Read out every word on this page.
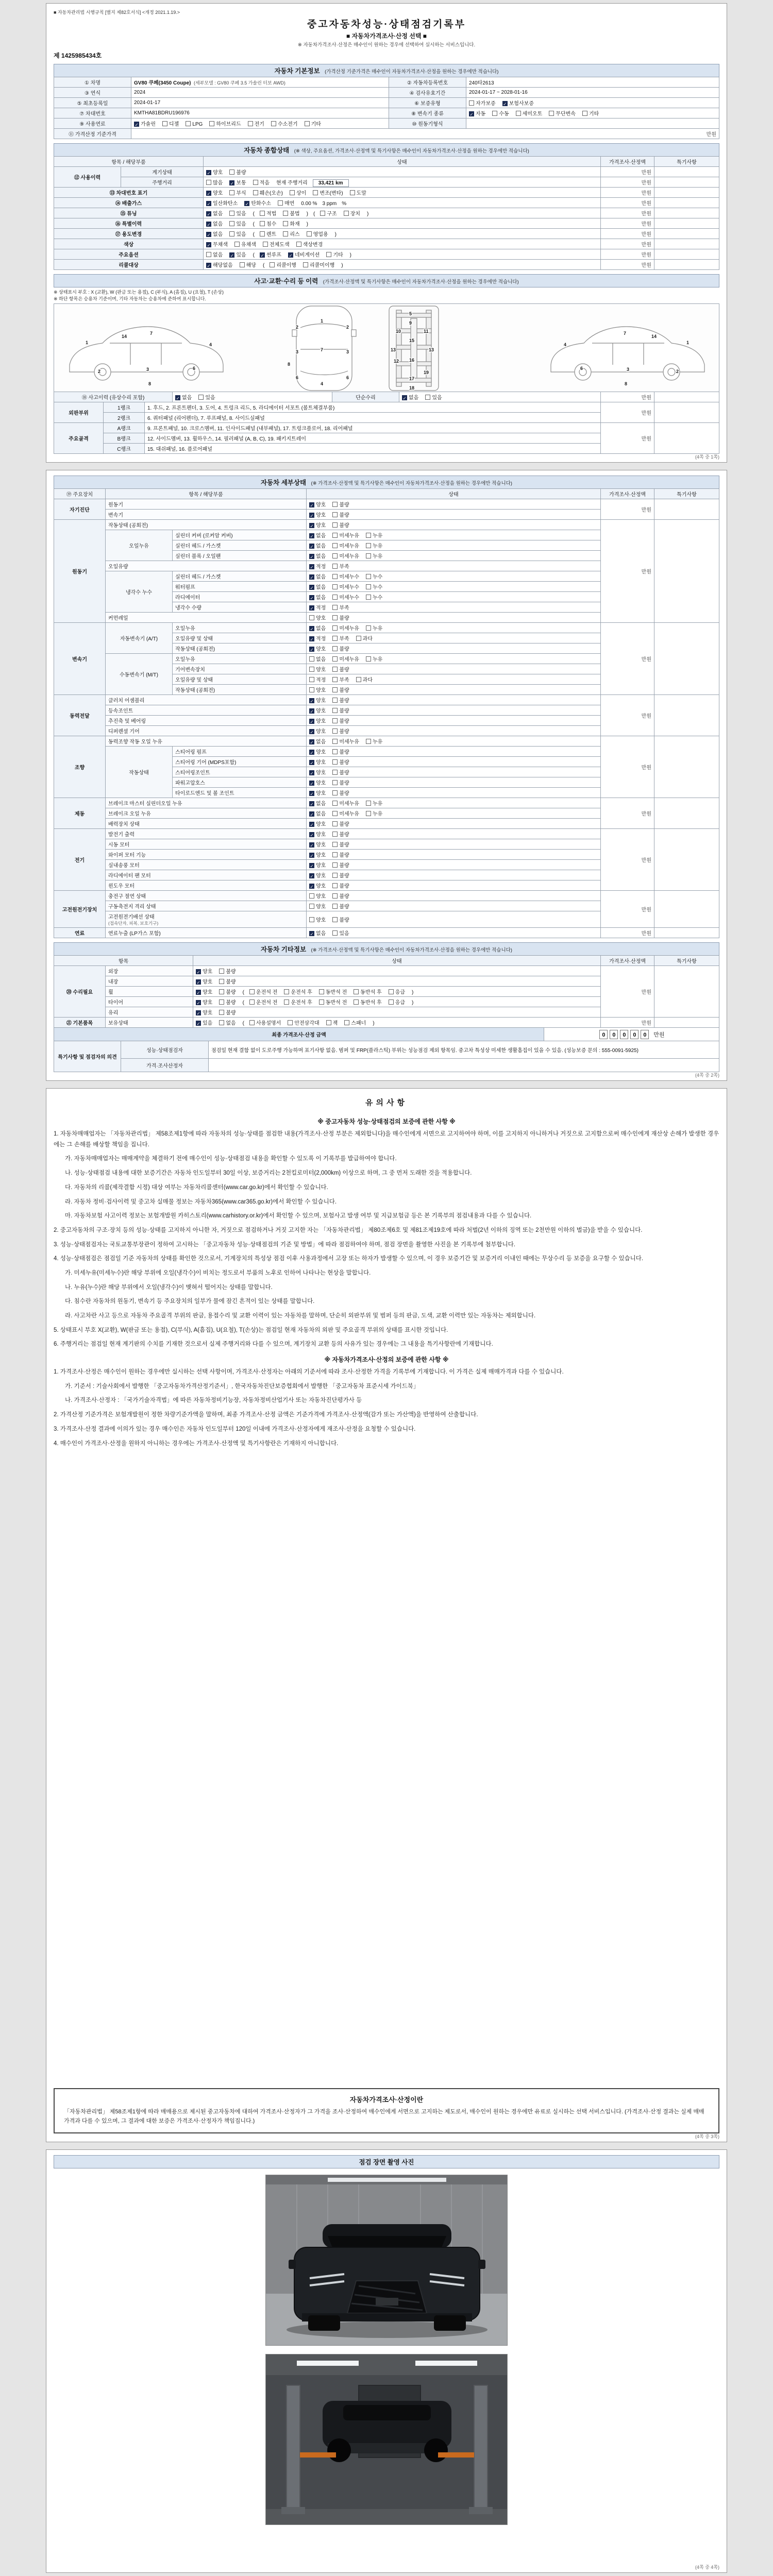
■ 자동차관리법 시행규칙 [별지 제82호서식] <개정 2021.1.19.>
중고자동차성능·상태점검기록부
■ 자동차가격조사·산정 선택 ■
※ 자동차가격조사·산정은 매수인이 원하는 경우에 선택하여 실시하는 서비스입니다.
제 1425985434호
자동차 기본정보 (가격산정 기준가격은 매수인이 자동차가격조사·산정을 원하는 경우에만 적습니다)
① 차명	GV80 쿠페(3450 Coupe) (세부모델 : GV80 쿠페 3.5 가솔린 터보 AWD)	② 자동차등록번호	240타2613
③ 연식	2024	④ 검사유효기간	2024-01-17 ~ 2028-01-16
⑤ 최초등록일	2024-01-17	⑥ 보증유형	자가보증 ✓ 보험사보증
⑦ 차대번호	KMTHA81BDRU196976	⑧ 변속기 종류	✓ 자동 수동 세미오토 무단변속 기타
⑨ 사용연료	✓ 가솔린 디젤 LPG 하이브리드 전기 수소전기 기타	⑩ 원동기형식	
⑪ 가격산정 기준가격	만원		
자동차 종합상태 (※ 색상, 주요옵션, 가격조사·산정액 및 특기사항은 매수인이 자동차가격조사·산정을 원하는 경우에만 적습니다)
항목 / 해당부품		상태	가격조사·산정액	특기사항
⑫ 사용이력	계기상태	✓ 양호 불량	만원	
	주행거리	많음 ✓ 보통 적음 현재 주행거리 33,421 km	만원	
⑬ 차대번호 표기		✓ 양호 부식 훼손(오손) 상이 변조(변타) 도말	만원	
⑭ 배출가스		✓ 일산화탄소 ✓ 탄화수소 매연 0.00 % 3 ppm %	만원	
⑮ 튜닝		✓ 없음 있음 ( 적법 불법 ) ( 구조 장치 )	만원	
⑯ 특별이력		✓ 없음 있음 ( 침수 화재 )	만원	
⑰ 용도변경		✓ 없음 있음 ( 렌트 리스 영업용 )	만원	
색상		✓ 무채색 유채색 전체도색 색상변경	만원	
주요옵션		없음 ✓ 있음 ( ✓ 썬루프 ✓ 네비게이션 기타 )	만원	
리콜대상		✓ 해당없음 해당 ( 리콜이행 리콜미이행 )	만원	
사고·교환·수리 등 이력 (가격조사·산정액 및 특기사항은 매수인이 자동차가격조사·산정을 원하는 경우에만 적습니다)
※ 상태표시 부호 : X (교환), W (판금 또는 용접), C (부식), A (흠집), U (요철), T (손상)
※ 하단 항목은 승용차 기준이며, 기타 자동차는 승용차에 준하여 표시합니다.
1
14
7
4
2	3	6
8
1
2	2
7
3	3
6	6
4
8
5
9
10	11
15
13	13
12 16
19
17
18
1
14
7
4
2
3
6
8
⑱ 사고이력 (유상수리 포함)	✓ 없음	있음	단순수리	✓ 없음	있음	만원	
외판부위	1랭크	1. 후드, 2. 프론트펜더, 3. 도어, 4. 트렁크 리드, 5. 라디에이터 서포트 (볼트체결부품)	만원	
	2랭크	6. 쿼터패널 (리어펜더), 7. 루프패널, 8. 사이드실패널		
주요골격	A랭크	9. 프론트패널, 10. 크로스멤버, 11. 인사이드패널 (내부패널), 17. 트렁크플로어, 18. 리어패널	만원	
	B랭크	12. 사이드멤버, 13. 휠하우스, 14. 필러패널 (A, B, C), 19. 패키지트레이		
	C랭크	15. 대쉬패널, 16. 플로어패널		
(4쪽 중 1쪽)
자동차 세부상태 (※ 가격조사·산정액 및 특기사항은 매수인이 자동차가격조사·산정을 원하는 경우에만 적습니다)
⑲ 주요장치	항목 / 해당부품		상태	가격조사·산정액	특기사항
자기진단	원동기		✓ 양호 불량	만원	
	변속기		✓ 양호 불량		
원동기	작동상태 (공회전)		✓ 양호 불량	만원	
	오일누유	실린더 커버 (로커암 커버)	✓ 없음 미세누유 누유		
		실린더 헤드 / 가스켓	✓ 없음 미세누유 누유		
		실린더 블록 / 오일팬	✓ 없음 미세누유 누유		
	오일유량		✓ 적정 부족		
	냉각수 누수	실린더 헤드 / 가스켓	✓ 없음 미세누수 누수		
		워터펌프	✓ 없음 미세누수 누수		
		라디에이터	✓ 없음 미세누수 누수		
		냉각수 수량	✓ 적정 부족		
	커먼레일		양호 불량		
변속기	자동변속기 (A/T)	오일누유	✓ 없음 미세누유 누유	만원	
		오일유량 및 상태	✓ 적정 부족 과다		
		작동상태 (공회전)	✓ 양호 불량		
	수동변속기 (M/T)	오일누유	없음 미세누유 누유		
		기어변속장치	양호 불량		
		오일유량 및 상태	적정 부족 과다		
		작동상태 (공회전)	양호 불량		
동력전달	클러치 어셈블리		✓ 양호 불량	만원	
	등속조인트		✓ 양호 불량		
	추진축 및 베어링		✓ 양호 불량		
	디퍼렌셜 기어		✓ 양호 불량		
조향	동력조향 작동 오일 누유		✓ 없음 미세누유 누유	만원	
	작동상태	스티어링 펌프	✓ 양호 불량		
		스티어링 기어 (MDPS포함)	✓ 양호 불량		
		스티어링조인트	✓ 양호 불량		
		파워고압호스	✓ 양호 불량		
		타이로드엔드 및 볼 조인트	✓ 양호 불량		
제동	브레이크 마스터 실린더오일 누유		✓ 없음 미세누유 누유	만원	
	브레이크 오일 누유		✓ 없음 미세누유 누유		
	배력장치 상태		✓ 양호 불량		
전기	발전기 출력		✓ 양호 불량	만원	
	시동 모터		✓ 양호 불량		
	와이퍼 모터 기능		✓ 양호 불량		
	실내송풍 모터		✓ 양호 불량		
	라디에이터 팬 모터		✓ 양호 불량		
	윈도우 모터		✓ 양호 불량		
고전원전기장치	충전구 절연 상태		양호 불량	만원	
	구동축전지 격리 상태		양호 불량		
	고전원전기배선 상태
(접속단자, 피복, 보호기구)		양호 불량		
연료	연료누출 (LP가스 포함)		✓ 없음 있음	만원	
자동차 기타정보 (※ 가격조사·산정액 및 특기사항은 매수인이 자동차가격조사·산정을 원하는 경우에만 적습니다)
항목		상태	가격조사·산정액	특기사항
⑳ 수리필요	외장	✓ 양호 불량	만원	
	내장	✓ 양호 불량		
	휠	✓ 양호 불량 ( 운전석 전 운전석 후 동반석 전 동반석 후 응급 )		
	타이어	✓ 양호 불량 ( 운전석 전 운전석 후 동반석 전 동반석 후 응급 )		
	유리	✓ 양호 불량		
㉑ 기본품목	보유상태	✓ 있음 없음 ( 사용설명서 안전삼각대 잭 스패너 )	만원	
최종 가격조사·산정 금액	0 0 0 0 0 만원
특기사항 및 점검자의 의견	성능·상태점검자	점검일 현재 결함 없이 도로주행 가능하며 표기사항 없음. 범퍼 및 FRP(플라스틱) 부위는 성능점검 제외 항목임. 중고차 특성상 미세한 생활흠집이 있을 수 있음. (성능보증 문의 : 555-0091-5925)
	가격·조사산정자	
(4쪽 중 2쪽)
유의사항
※ 중고자동차 성능·상태점검의 보증에 관한 사항 ※
1. 자동차매매업자는 「자동차관리법」 제58조제1항에 따라 자동차의 성능·상태를 점검한 내용(가격조사·산정 부분은 제외합니다)을 매수인에게 서면으로 고지하여야 하며, 이를 고지하지 아니하거나 거짓으로 고지함으로써 매수인에게 재산상 손해가 발생한 경우에는 그 손해를 배상할 책임을 집니다.
가. 자동차매매업자는 매매계약을 체결하기 전에 매수인이 성능·상태점검 내용을 확인할 수 있도록 이 기록부를 발급하여야 합니다.
나. 성능·상태점검 내용에 대한 보증기간은 자동차 인도일부터 30일 이상, 보증거리는 2천킬로미터(2,000km) 이상으로 하며, 그 중 먼저 도래한 것을 적용합니다.
다. 자동차의 리콜(제작결함 시정) 대상 여부는 자동차리콜센터(www.car.go.kr)에서 확인할 수 있습니다.
라. 자동차 정비·검사이력 및 중고차 실매물 정보는 자동차365(www.car365.go.kr)에서 확인할 수 있습니다.
마. 자동차보험 사고이력 정보는 보험개발원 카히스토리(www.carhistory.or.kr)에서 확인할 수 있으며, 보험사고 발생 여부 및 지급보험금 등은 본 기록부의 점검내용과 다를 수 있습니다.
2. 중고자동차의 구조·장치 등의 성능·상태를 고지하지 아니한 자, 거짓으로 점검하거나 거짓 고지한 자는 「자동차관리법」 제80조제6호 및 제81조제19호에 따라 처벌(2년 이하의 징역 또는 2천만원 이하의 벌금)을 받을 수 있습니다.
3. 성능·상태점검자는 국토교통부장관이 정하여 고시하는 「중고자동차 성능·상태점검의 기준 및 방법」에 따라 점검하여야 하며, 점검 장면을 촬영한 사진을 본 기록부에 첨부합니다.
4. 성능·상태점검은 점검일 기준 자동차의 상태를 확인한 것으로서, 기계장치의 특성상 점검 이후 사용과정에서 고장 또는 하자가 발생할 수 있으며, 이 경우 보증기간 및 보증거리 이내인 때에는 무상수리 등 보증을 요구할 수 있습니다.
가. 미세누유(미세누수)란 해당 부위에 오일(냉각수)이 비치는 정도로서 부품의 노후로 인하여 나타나는 현상을 말합니다.
나. 누유(누수)란 해당 부위에서 오일(냉각수)이 맺혀서 떨어지는 상태를 말합니다.
다. 침수란 자동차의 원동기, 변속기 등 주요장치의 일부가 물에 잠긴 흔적이 있는 상태를 말합니다.
라. 사고차란 사고 등으로 자동차 주요골격 부위의 판금, 용접수리 및 교환 이력이 있는 자동차를 말하며, 단순히 외판부위 및 범퍼 등의 판금, 도색, 교환 이력만 있는 자동차는 제외합니다.
5. 상태표시 부호 X(교환), W(판금 또는 용접), C(부식), A(흠집), U(요철), T(손상)는 점검일 현재 자동차의 외판 및 주요골격 부위의 상태를 표시한 것입니다.
6. 주행거리는 점검일 현재 계기판의 수치를 기재한 것으로서 실제 주행거리와 다를 수 있으며, 계기장치 교환 등의 사유가 있는 경우에는 그 내용을 특기사항란에 기재합니다.
※ 자동차가격조사·산정의 보증에 관한 사항 ※
1. 가격조사·산정은 매수인이 원하는 경우에만 실시하는 선택 사항이며, 가격조사·산정자는 아래의 기준서에 따라 조사·산정한 가격을 기록부에 기재합니다. 이 가격은 실제 매매가격과 다를 수 있습니다.
가. 기준서 : 기술사회에서 발행한 「중고자동차가격산정기준서」, 한국자동차진단보증협회에서 발행한 「중고자동차 표준시세 가이드북」
나. 가격조사·산정자 : 「국가기술자격법」에 따른 자동차정비기능장, 자동차정비산업기사 또는 자동차진단평가사 등
2. 가격산정 기준가격은 보험개발원이 정한 차량기준가액을 말하며, 최종 가격조사·산정 금액은 기준가격에 가격조사·산정액(감가 또는 가산액)을 반영하여 산출합니다.
3. 가격조사·산정 결과에 이의가 있는 경우 매수인은 자동차 인도일부터 120일 이내에 가격조사·산정자에게 재조사·산정을 요청할 수 있습니다.
4. 매수인이 가격조사·산정을 원하지 아니하는 경우에는 가격조사·산정액 및 특기사항란은 기재하지 아니합니다.
자동차가격조사·산정이란
「자동차관리법」 제58조제1항에 따라 매매용으로 제시된 중고자동차에 대하여 가격조사·산정자가 그 가격을 조사·산정하여 매수인에게 서면으로 고지하는 제도로서, 매수인이 원하는 경우에만 유료로 실시하는 선택 서비스입니다. (가격조사·산정 결과는 실제 매매가격과 다를 수 있으며, 그 결과에 대한 보증은 가격조사·산정자가 책임집니다.)
(4쪽 중 3쪽)
점검 장면 촬영 사진
(4쪽 중 4쪽)
